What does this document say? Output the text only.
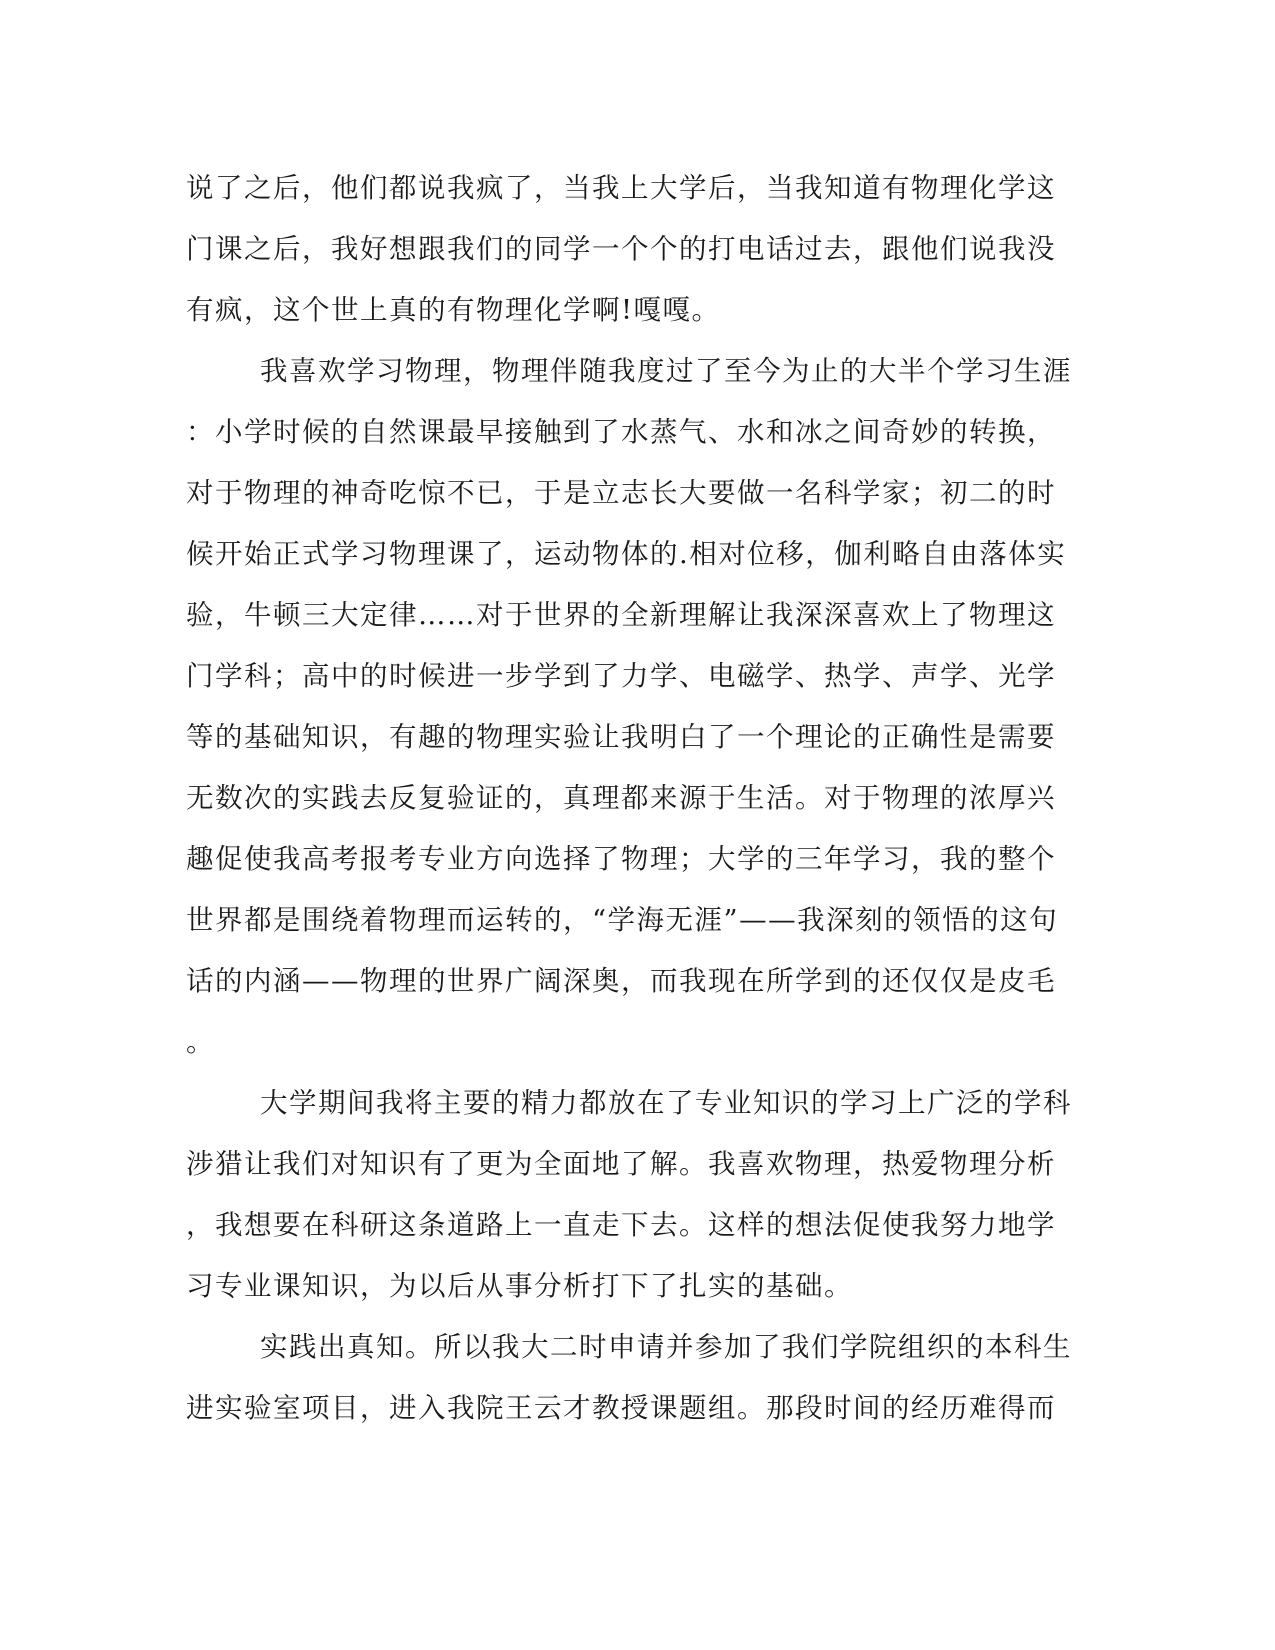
说了之后，他们都说我疯了，当我上大学后，当我知道有物理化学这
门课之后，我好想跟我们的同学一个个的打电话过去，跟他们说我没
有疯，这个世上真的有物理化学啊!嘎嘎。
我喜欢学习物理，物理伴随我度过了至今为止的大半个学习生涯
：小学时候的自然课最早接触到了水蒸气、水和冰之间奇妙的转换，
对于物理的神奇吃惊不已，于是立志长大要做一名科学家；初二的时
候开始正式学习物理课了，运动物体的.相对位移，伽利略自由落体实
验，牛顿三大定律……对于世界的全新理解让我深深喜欢上了物理这
门学科；高中的时候进一步学到了力学、电磁学、热学、声学、光学
等的基础知识，有趣的物理实验让我明白了一个理论的正确性是需要
无数次的实践去反复验证的，真理都来源于生活。对于物理的浓厚兴
趣促使我高考报考专业方向选择了物理；大学的三年学习，我的整个
世界都是围绕着物理而运转的，“学海无涯”——我深刻的领悟的这句
话的内涵——物理的世界广阔深奥，而我现在所学到的还仅仅是皮毛
。
大学期间我将主要的精力都放在了专业知识的学习上广泛的学科
涉猎让我们对知识有了更为全面地了解。我喜欢物理，热爱物理分析
，我想要在科研这条道路上一直走下去。这样的想法促使我努力地学
习专业课知识，为以后从事分析打下了扎实的基础。
实践出真知。所以我大二时申请并参加了我们学院组织的本科生
进实验室项目，进入我院王云才教授课题组。那段时间的经历难得而
